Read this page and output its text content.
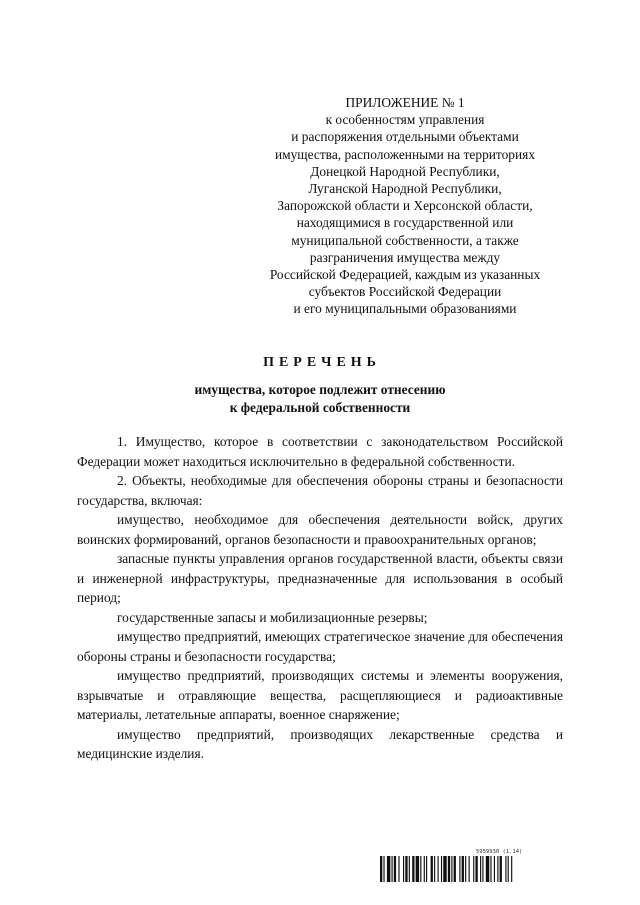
ПРИЛОЖЕНИЕ № 1
к особенностям управления
и распоряжения отдельными объектами
имущества, расположенными на территориях
Донецкой Народной Республики,
Луганской Народной Республики,
Запорожской области и Херсонской области,
находящимися в государственной или
муниципальной собственности, а также
разграничения имущества между
Российской Федерацией, каждым из указанных
субъектов Российской Федерации
и его муниципальными образованиями
ПЕРЕЧЕНЬ
имущества, которое подлежит отнесению
к федеральной собственности

1. Имущество, которое в соответствии с законодательством Российской Федерации может находиться исключительно в федеральной собственности.

2. Объекты, необходимые для обеспечения обороны страны и безопасности государства, включая:

имущество, необходимое для обеспечения деятельности войск, других воинских формирований, органов безопасности и правоохранительных органов;

запасные пункты управления органов государственной власти, объекты связи и инженерной инфраструктуры, предназначенные для использования в особый период;

государственные запасы и мобилизационные резервы;

имущество предприятий, имеющих стратегическое значение для обеспечения обороны страны и безопасности государства;

имущество предприятий, производящих системы и элементы вооружения, взрывчатые и отравляющие вещества, расщепляющиеся и радиоактивные материалы, летательные аппараты, военное снаряжение;

имущество предприятий, производящих лекарственные средства и медицинские изделия.

5959930 (1.14)
